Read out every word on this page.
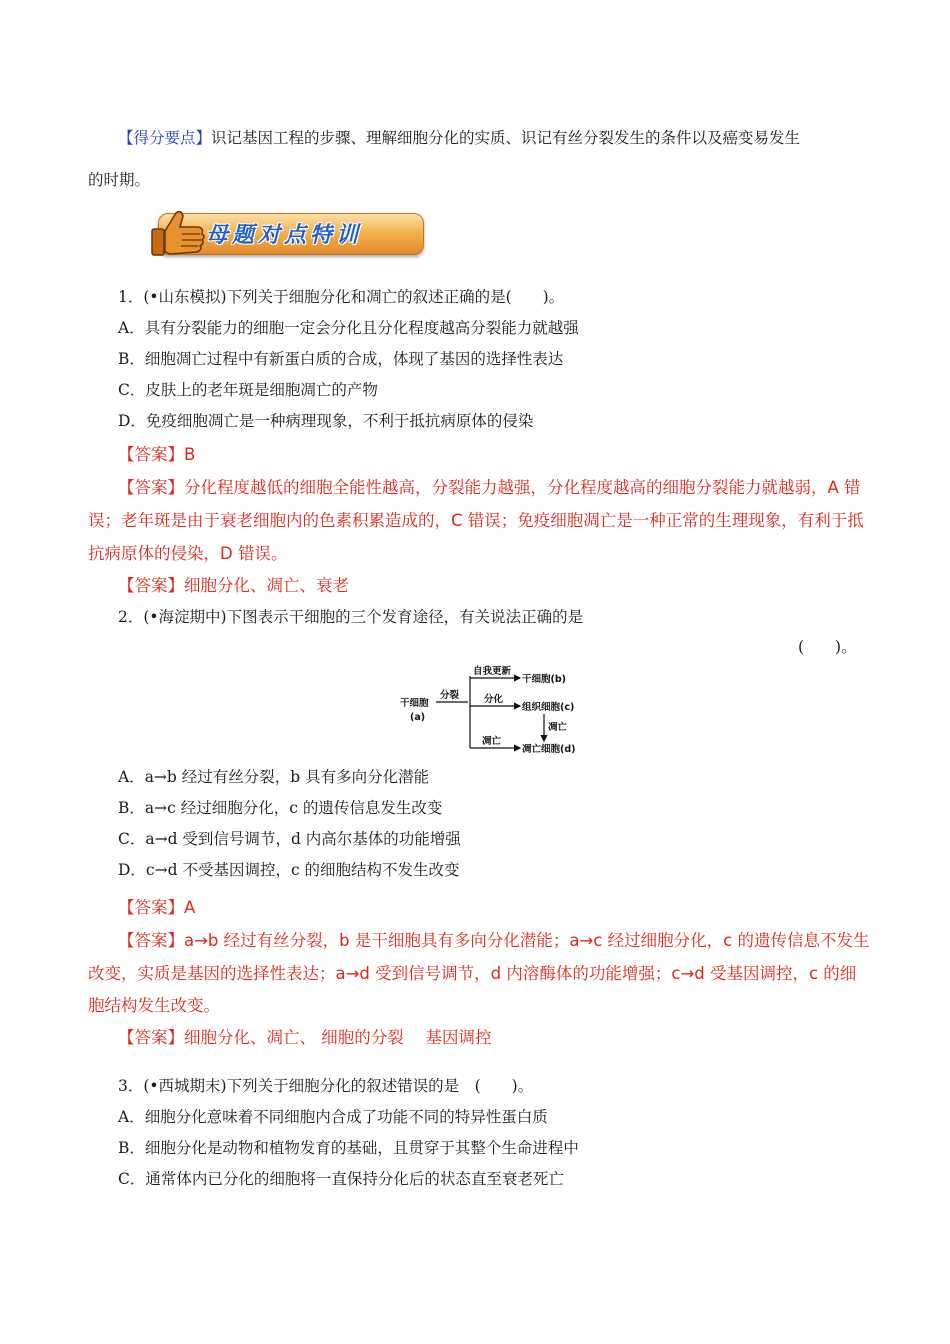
【得分要点】识记基因工程的步骤、理解细胞分化的实质、识记有丝分裂发生的条件以及癌变易发生
的时期。
母题对点特训
1．(•山东模拟)下列关于细胞分化和凋亡的叙述正确的是(　　)。
A．具有分裂能力的细胞一定会分化且分化程度越高分裂能力就越强
B．细胞凋亡过程中有新蛋白质的合成，体现了基因的选择性表达
C．皮肤上的老年斑是细胞凋亡的产物
D．免疫细胞凋亡是一种病理现象，不利于抵抗病原体的侵染
【答案】B
【答案】分化程度越低的细胞全能性越高，分裂能力越强，分化程度越高的细胞分裂能力就越弱，A 错
误；老年斑是由于衰老细胞内的色素积累造成的，C 错误；免疫细胞凋亡是一种正常的生理现象，有利于抵
抗病原体的侵染，D 错误。
【答案】细胞分化、凋亡、衰老
2．(•海淀期中)下图表示干细胞的三个发育途径，有关说法正确的是
(　　)。
干细胞
(a)
分裂
自我更新
干细胞(b)
分化
组织细胞(c)
凋亡
凋亡
凋亡细胞(d)
A．a→b 经过有丝分裂，b 具有多向分化潜能
B．a→c 经过细胞分化，c 的遗传信息发生改变
C．a→d 受到信号调节，d 内高尔基体的功能增强
D．c→d 不受基因调控，c 的细胞结构不发生改变
【答案】A
【答案】a→b 经过有丝分裂，b 是干细胞具有多向分化潜能；a→c 经过细胞分化，c 的遗传信息不发生
改变，实质是基因的选择性表达；a→d 受到信号调节，d 内溶酶体的功能增强；c→d 受基因调控，c 的细
胞结构发生改变。
【答案】细胞分化、凋亡、 细胞的分裂　 基因调控
3．(•西城期末)下列关于细胞分化的叙述错误的是　(　　)。
A．细胞分化意味着不同细胞内合成了功能不同的特异性蛋白质
B．细胞分化是动物和植物发育的基础，且贯穿于其整个生命进程中
C．通常体内已分化的细胞将一直保持分化后的状态直至衰老死亡
